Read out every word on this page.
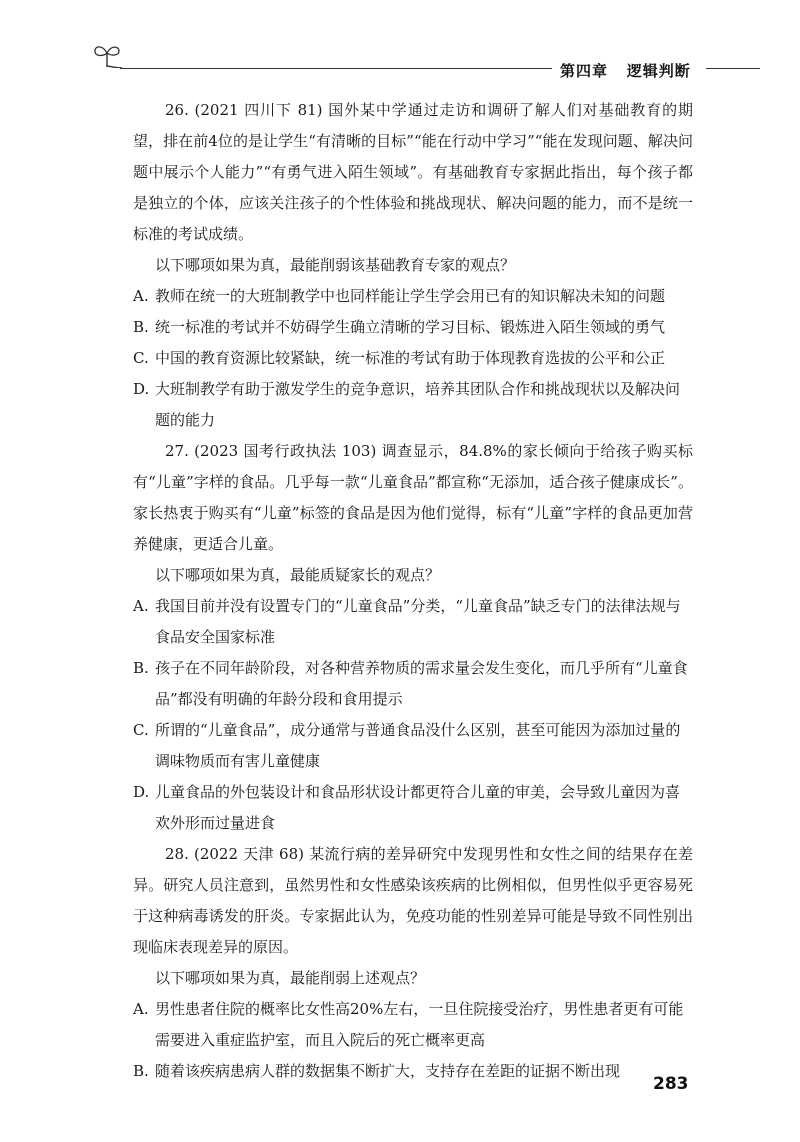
第四章 逻辑判断

26. (2021 四川下 81) 国外某中学通过走访和调研了解人们对基础教育的期望，排在前4位的是让学生“有清晰的目标”“能在行动中学习”“能在发现问题、解决问题中展示个人能力”“有勇气进入陌生领域”。有基础教育专家据此指出，每个孩子都是独立的个体，应该关注孩子的个性体验和挑战现状、解决问题的能力，而不是统一标准的考试成绩。

以下哪项如果为真，最能削弱该基础教育专家的观点？

A. 教师在统一的大班制教学中也同样能让学生学会用已有的知识解决未知的问题
B. 统一标准的考试并不妨碍学生确立清晰的学习目标、锻炼进入陌生领域的勇气
C. 中国的教育资源比较紧缺，统一标准的考试有助于体现教育选拔的公平和公正
D. 大班制教学有助于激发学生的竞争意识，培养其团队合作和挑战现状以及解决问题的能力

27. (2023 国考行政执法 103) 调查显示，84.8%的家长倾向于给孩子购买标有“儿童”字样的食品。几乎每一款“儿童食品”都宣称“无添加，适合孩子健康成长”。家长热衷于购买有“儿童”标签的食品是因为他们觉得，标有“儿童”字样的食品更加营养健康，更适合儿童。

以下哪项如果为真，最能质疑家长的观点？

A. 我国目前并没有设置专门的“儿童食品”分类，“儿童食品”缺乏专门的法律法规与食品安全国家标准
B. 孩子在不同年龄阶段，对各种营养物质的需求量会发生变化，而几乎所有“儿童食品”都没有明确的年龄分段和食用提示
C. 所谓的“儿童食品”，成分通常与普通食品没什么区别，甚至可能因为添加过量的调味物质而有害儿童健康
D. 儿童食品的外包装设计和食品形状设计都更符合儿童的审美，会导致儿童因为喜欢外形而过量进食

28. (2022 天津 68) 某流行病的差异研究中发现男性和女性之间的结果存在差异。研究人员注意到，虽然男性和女性感染该疾病的比例相似，但男性似乎更容易死于这种病毒诱发的肝炎。专家据此认为，免疫功能的性别差异可能是导致不同性别出现临床表现差异的原因。

以下哪项如果为真，最能削弱上述观点？

A. 男性患者住院的概率比女性高20%左右，一旦住院接受治疗，男性患者更有可能需要进入重症监护室，而且入院后的死亡概率更高
B. 随着该疾病患病人群的数据集不断扩大，支持存在差距的证据不断出现
283
